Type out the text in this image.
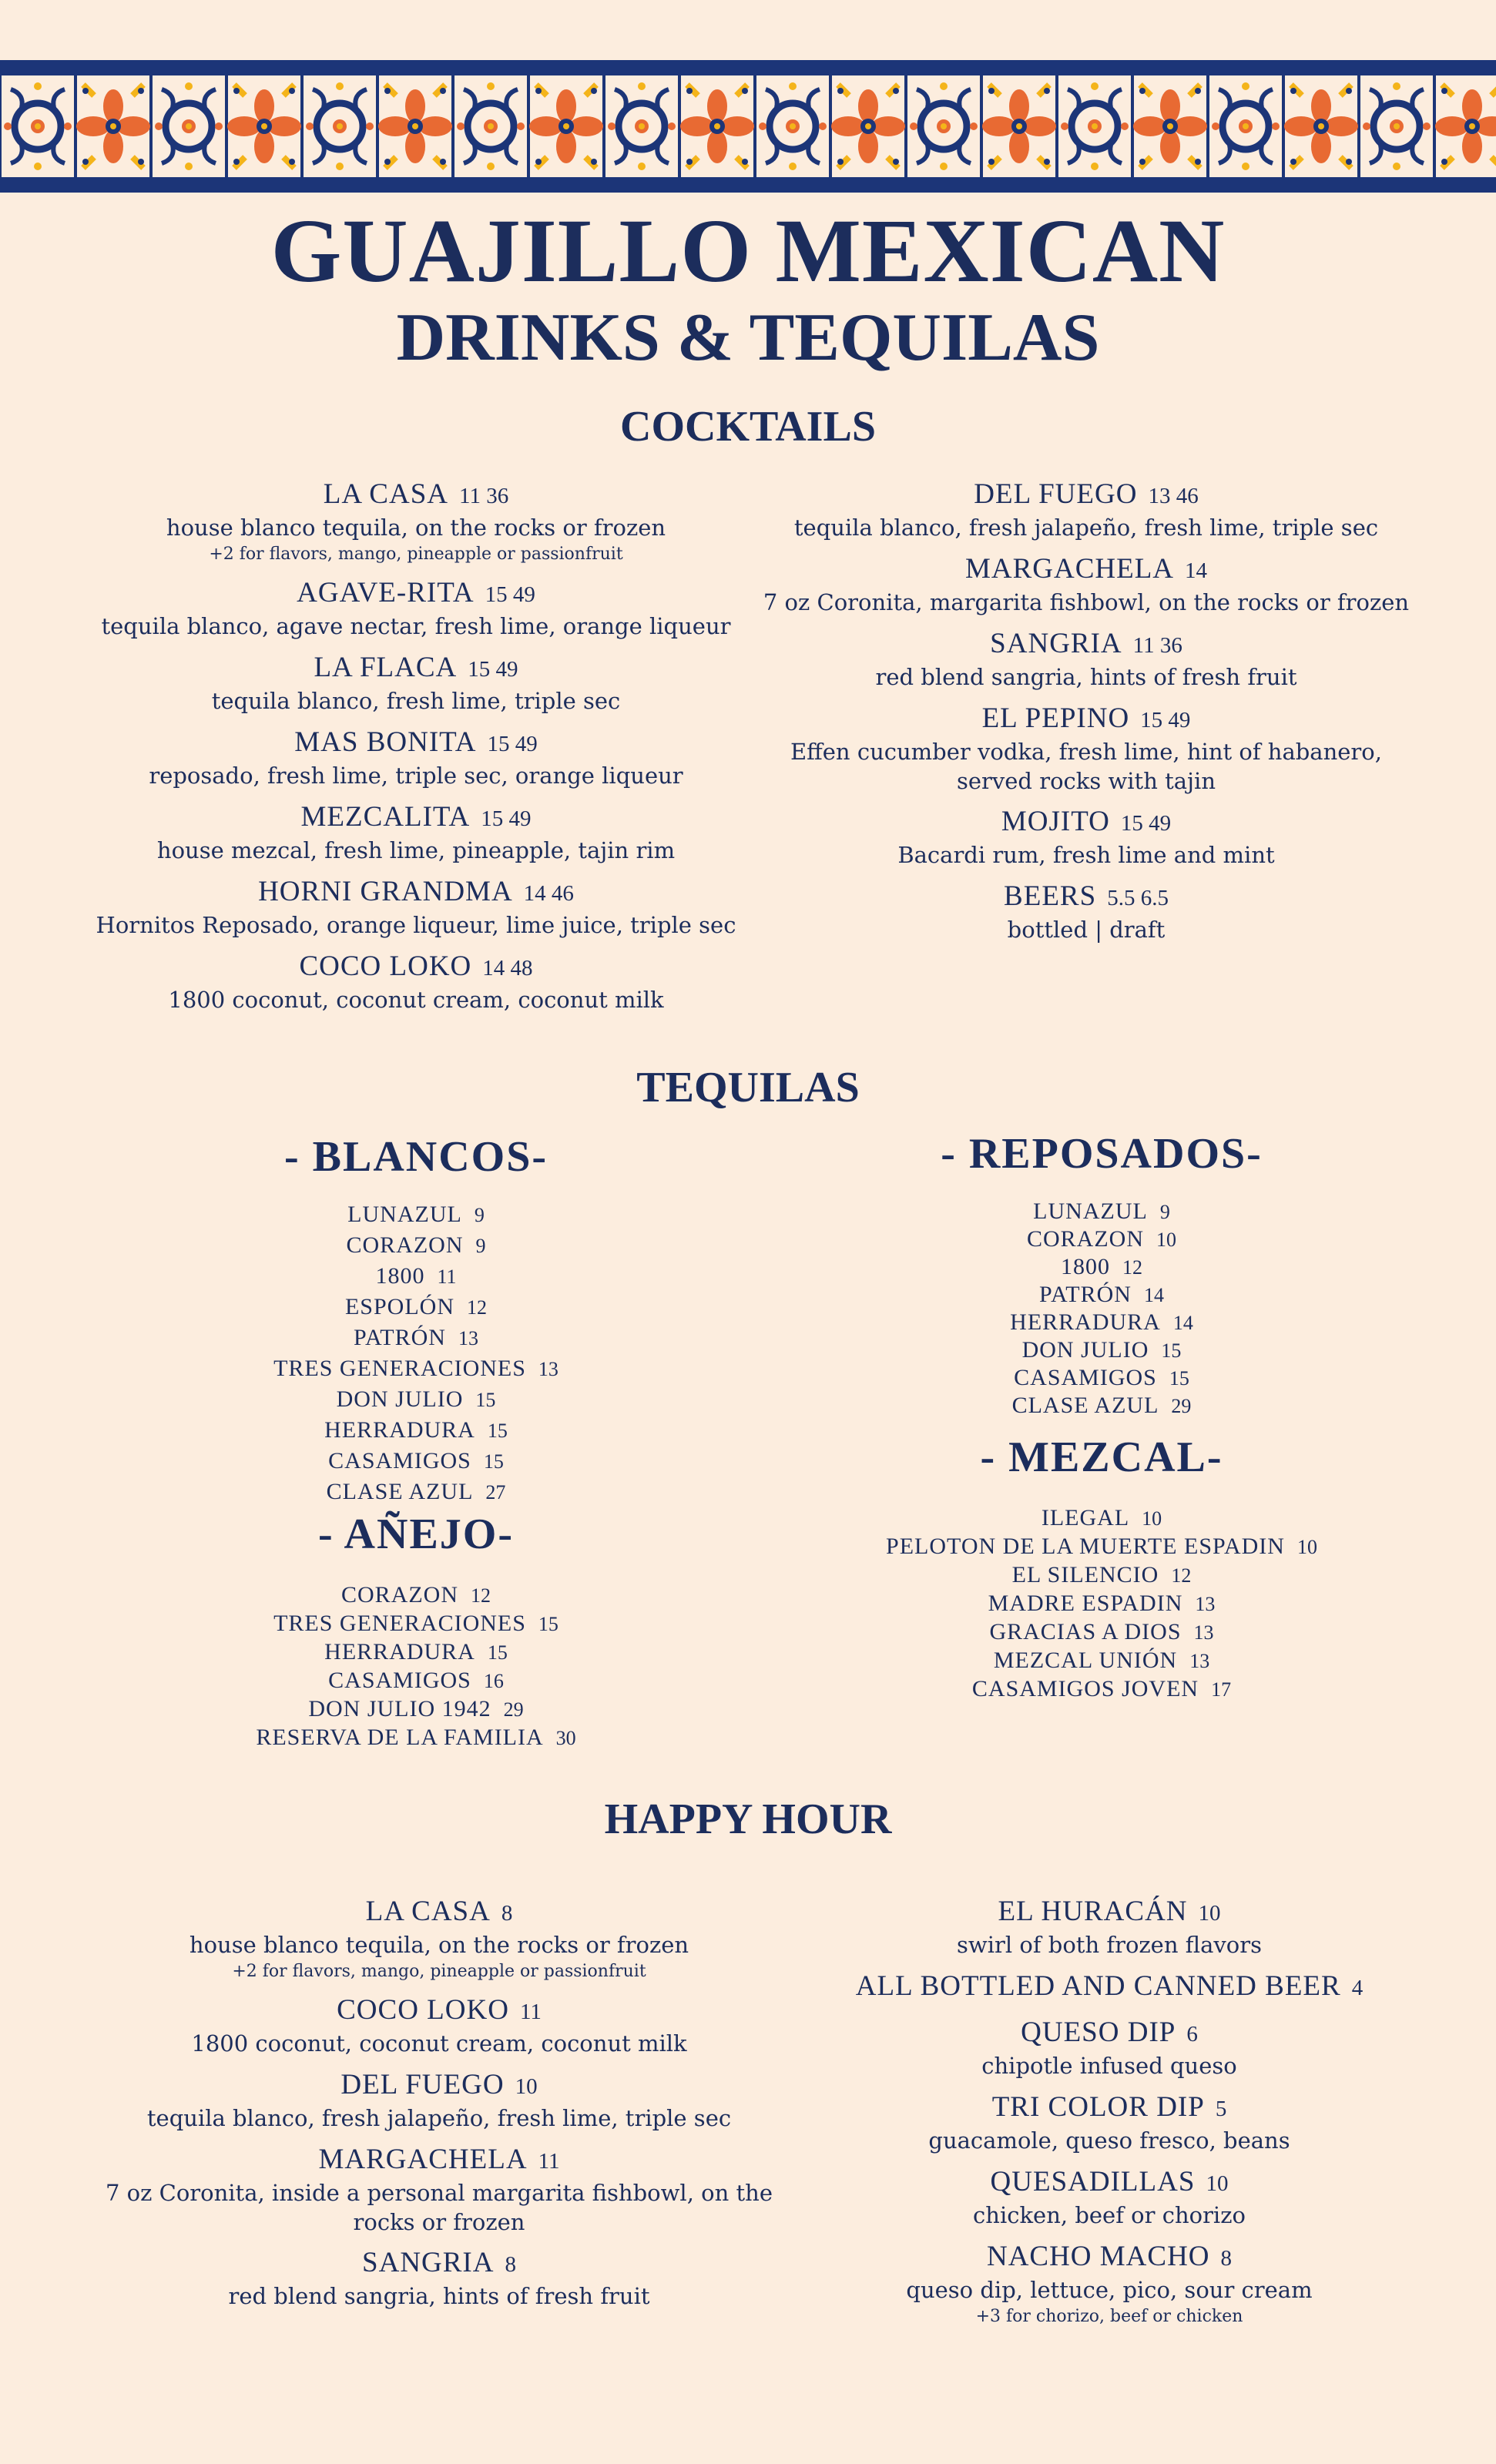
GUAJILLO MEXICAN
DRINKS & TEQUILAS
COCKTAILS
LA CASA 11 36
house blanco tequila, on the rocks or frozen
+2 for flavors, mango, pineapple or passionfruit
AGAVE-RITA 15 49
tequila blanco, agave nectar, fresh lime, orange liqueur
LA FLACA 15 49
tequila blanco, fresh lime, triple sec
MAS BONITA 15 49
reposado, fresh lime, triple sec, orange liqueur
MEZCALITA 15 49
house mezcal, fresh lime, pineapple, tajin rim
HORNI GRANDMA 14 46
Hornitos Reposado, orange liqueur, lime juice, triple sec
COCO LOKO 14 48
1800 coconut, coconut cream, coconut milk
DEL FUEGO 13 46
tequila blanco, fresh jalapeño, fresh lime, triple sec
MARGACHELA 14
7 oz Coronita, margarita fishbowl, on the rocks or frozen
SANGRIA 11 36
red blend sangria, hints of fresh fruit
EL PEPINO 15 49
Effen cucumber vodka, fresh lime, hint of habanero, served rocks with tajin
MOJITO 15 49
Bacardi rum, fresh lime and mint
BEERS 5.5 6.5
bottled | draft
TEQUILAS
- BLANCOS-
LUNAZUL 9
CORAZON 9
1800 11
ESPOLÓN 12
PATRÓN 13
TRES GENERACIONES 13
DON JULIO 15
HERRADURA 15
CASAMIGOS 15
CLASE AZUL 27
- AÑEJO-
CORAZON 12
TRES GENERACIONES 15
HERRADURA 15
CASAMIGOS 16
DON JULIO 1942 29
RESERVA DE LA FAMILIA 30
- REPOSADOS-
LUNAZUL 9
CORAZON 10
1800 12
PATRÓN 14
HERRADURA 14
DON JULIO 15
CASAMIGOS 15
CLASE AZUL 29
- MEZCAL-
ILEGAL 10
PELOTON DE LA MUERTE ESPADIN 10
EL SILENCIO 12
MADRE ESPADIN 13
GRACIAS A DIOS 13
MEZCAL UNIÓN 13
CASAMIGOS JOVEN 17
HAPPY HOUR
LA CASA 8
house blanco tequila, on the rocks or frozen
+2 for flavors, mango, pineapple or passionfruit
COCO LOKO 11
1800 coconut, coconut cream, coconut milk
DEL FUEGO 10
tequila blanco, fresh jalapeño, fresh lime, triple sec
MARGACHELA 11
7 oz Coronita, inside a personal margarita fishbowl, on the rocks or frozen
SANGRIA 8
red blend sangria, hints of fresh fruit
EL HURACÁN 10
swirl of both frozen flavors
ALL BOTTLED AND CANNED BEER 4
QUESO DIP 6
chipotle infused queso
TRI COLOR DIP 5
guacamole, queso fresco, beans
QUESADILLAS 10
chicken, beef or chorizo
NACHO MACHO 8
queso dip, lettuce, pico, sour cream
+3 for chorizo, beef or chicken
